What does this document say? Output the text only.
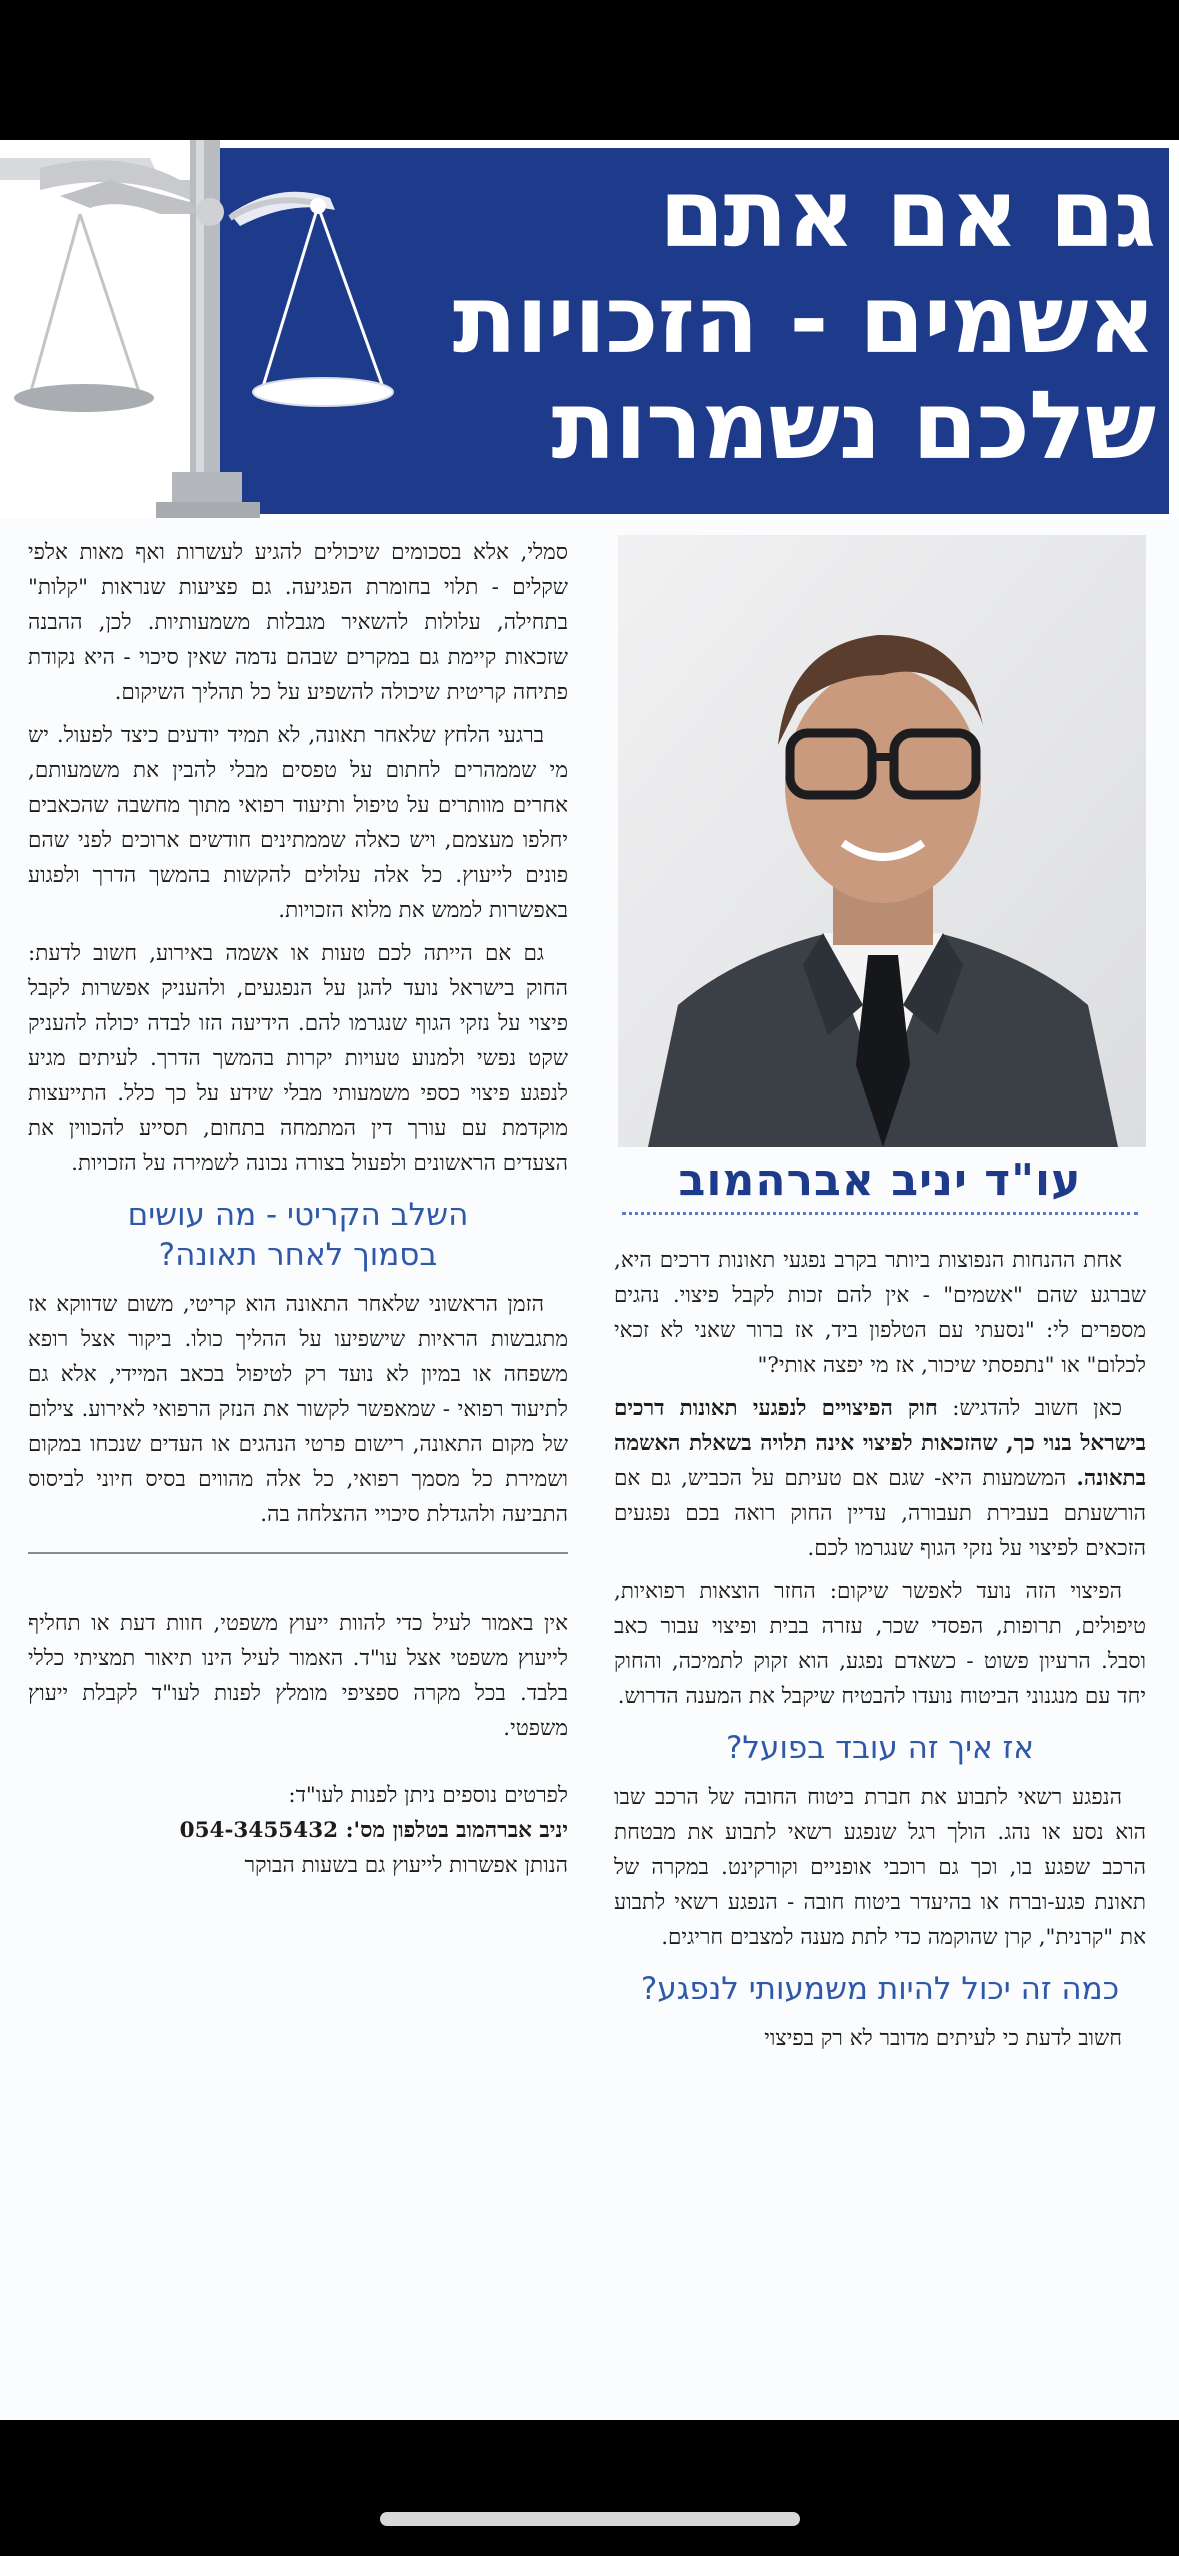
גם אם אתם
אשמים - הזכויות
שלכם נשמרות
עו"ד יניב אברהמוב

אחת ההנחות הנפוצות ביותר בקרב נפגעי תאונות דרכים היא, שברגע שהם "אשמים" - אין להם זכות לקבל פיצוי. נהגים מספרים לי: "נסעתי עם הטלפון ביד, אז ברור שאני לא זכאי לכלום" או "נתפסתי שיכור, אז מי יפצה אותי?"

כאן חשוב להדגיש: חוק הפיצויים לנפגעי תאונות דרכים בישראל בנוי כך, שהזכאות לפיצוי אינה תלויה בשאלת האשמה בתאונה. המשמעות היא- שגם אם טעיתם על הכביש, גם אם הורשעתם בעבירת תעבורה, עדיין החוק רואה בכם נפגעים הזכאים לפיצוי על נזקי הגוף שנגרמו לכם.

הפיצוי הזה נועד לאפשר שיקום: החזר הוצאות רפואיות, טיפולים, תרופות, הפסדי שכר, עזרה בבית ופיצוי עבור כאב וסבל. הרעיון פשוט - כשאדם נפגע, הוא זקוק לתמיכה, והחוק יחד עם מנגנוני הביטוח נועדו להבטיח שיקבל את המענה הדרוש.

אז איך זה עובד בפועל?

הנפגע רשאי לתבוע את חברת ביטוח החובה של הרכב שבו הוא נסע או נהג. הולך רגל שנפגע רשאי לתבוע את מבטחת הרכב שפגע בו, וכך גם רוכבי אופניים וקורקינט. במקרה של תאונת פגע-וברח או בהיעדר ביטוח חובה - הנפגע רשאי לתבוע את "קרנית", קרן שהוקמה כדי לתת מענה למצבים חריגים.

כמה זה יכול להיות משמעותי לנפגע?

חשוב לדעת כי לעיתים מדובר לא רק בפיצוי

סמלי, אלא בסכומים שיכולים להגיע לעשרות ואף מאות אלפי שקלים - תלוי בחומרת הפגיעה. גם פציעות שנראות "קלות" בתחילה, עלולות להשאיר מגבלות משמעותיות. לכן, ההבנה שזכאות קיימת גם במקרים שבהם נדמה שאין סיכוי - היא נקודת פתיחה קריטית שיכולה להשפיע על כל תהליך השיקום.

ברגעי הלחץ שלאחר תאונה, לא תמיד יודעים כיצד לפעול. יש מי שממהרים לחתום על טפסים מבלי להבין את משמעותם, אחרים מוותרים על טיפול ותיעוד רפואי מתוך מחשבה שהכאבים יחלפו מעצמם, ויש כאלה שממתינים חודשים ארוכים לפני שהם פונים לייעוץ. כל אלה עלולים להקשות בהמשך הדרך ולפגוע באפשרות לממש את מלוא הזכויות.

גם אם הייתה לכם טעות או אשמה באירוע, חשוב לדעת: החוק בישראל נועד להגן על הנפגעים, ולהעניק אפשרות לקבל פיצוי על נזקי הגוף שנגרמו להם. הידיעה הזו לבדה יכולה להעניק שקט נפשי ולמנוע טעויות יקרות בהמשך הדרך. לעיתים מגיע לנפגע פיצוי כספי משמעותי מבלי שידע על כך כלל. התייעצות מוקדמת עם עורך דין המתמחה בתחום, תסייע להכווין את הצעדים הראשונים ולפעול בצורה נכונה לשמירה על הזכויות.

השלב הקריטי - מה עושים
בסמוך לאחר תאונה?

הזמן הראשוני שלאחר התאונה הוא קריטי, משום שדווקא אז מתגבשות הראיות שישפיעו על ההליך כולו. ביקור אצל רופא משפחה או במיון לא נועד רק לטיפול בכאב המיידי, אלא גם לתיעוד רפואי - שמאפשר לקשור את הנזק הרפואי לאירוע. צילום של מקום התאונה, רישום פרטי הנהגים או העדים שנכחו במקום ושמירת כל מסמך רפואי, כל אלה מהווים בסיס חיוני לביסוס התביעה ולהגדלת סיכויי ההצלחה בה.

אין באמור לעיל כדי להוות ייעוץ משפטי, חוות דעת או תחליף לייעוץ משפטי אצל עו"ד. האמור לעיל הינו תיאור תמציתי כללי בלבד. בכל מקרה ספציפי מומלץ לפנות לעו"ד לקבלת ייעוץ משפטי.

לפרטים נוספים ניתן לפנות לעו"ד:

יניב אברהמוב בטלפון מס': 054-3455432

הנותן אפשרות לייעוץ גם בשעות הבוקר
